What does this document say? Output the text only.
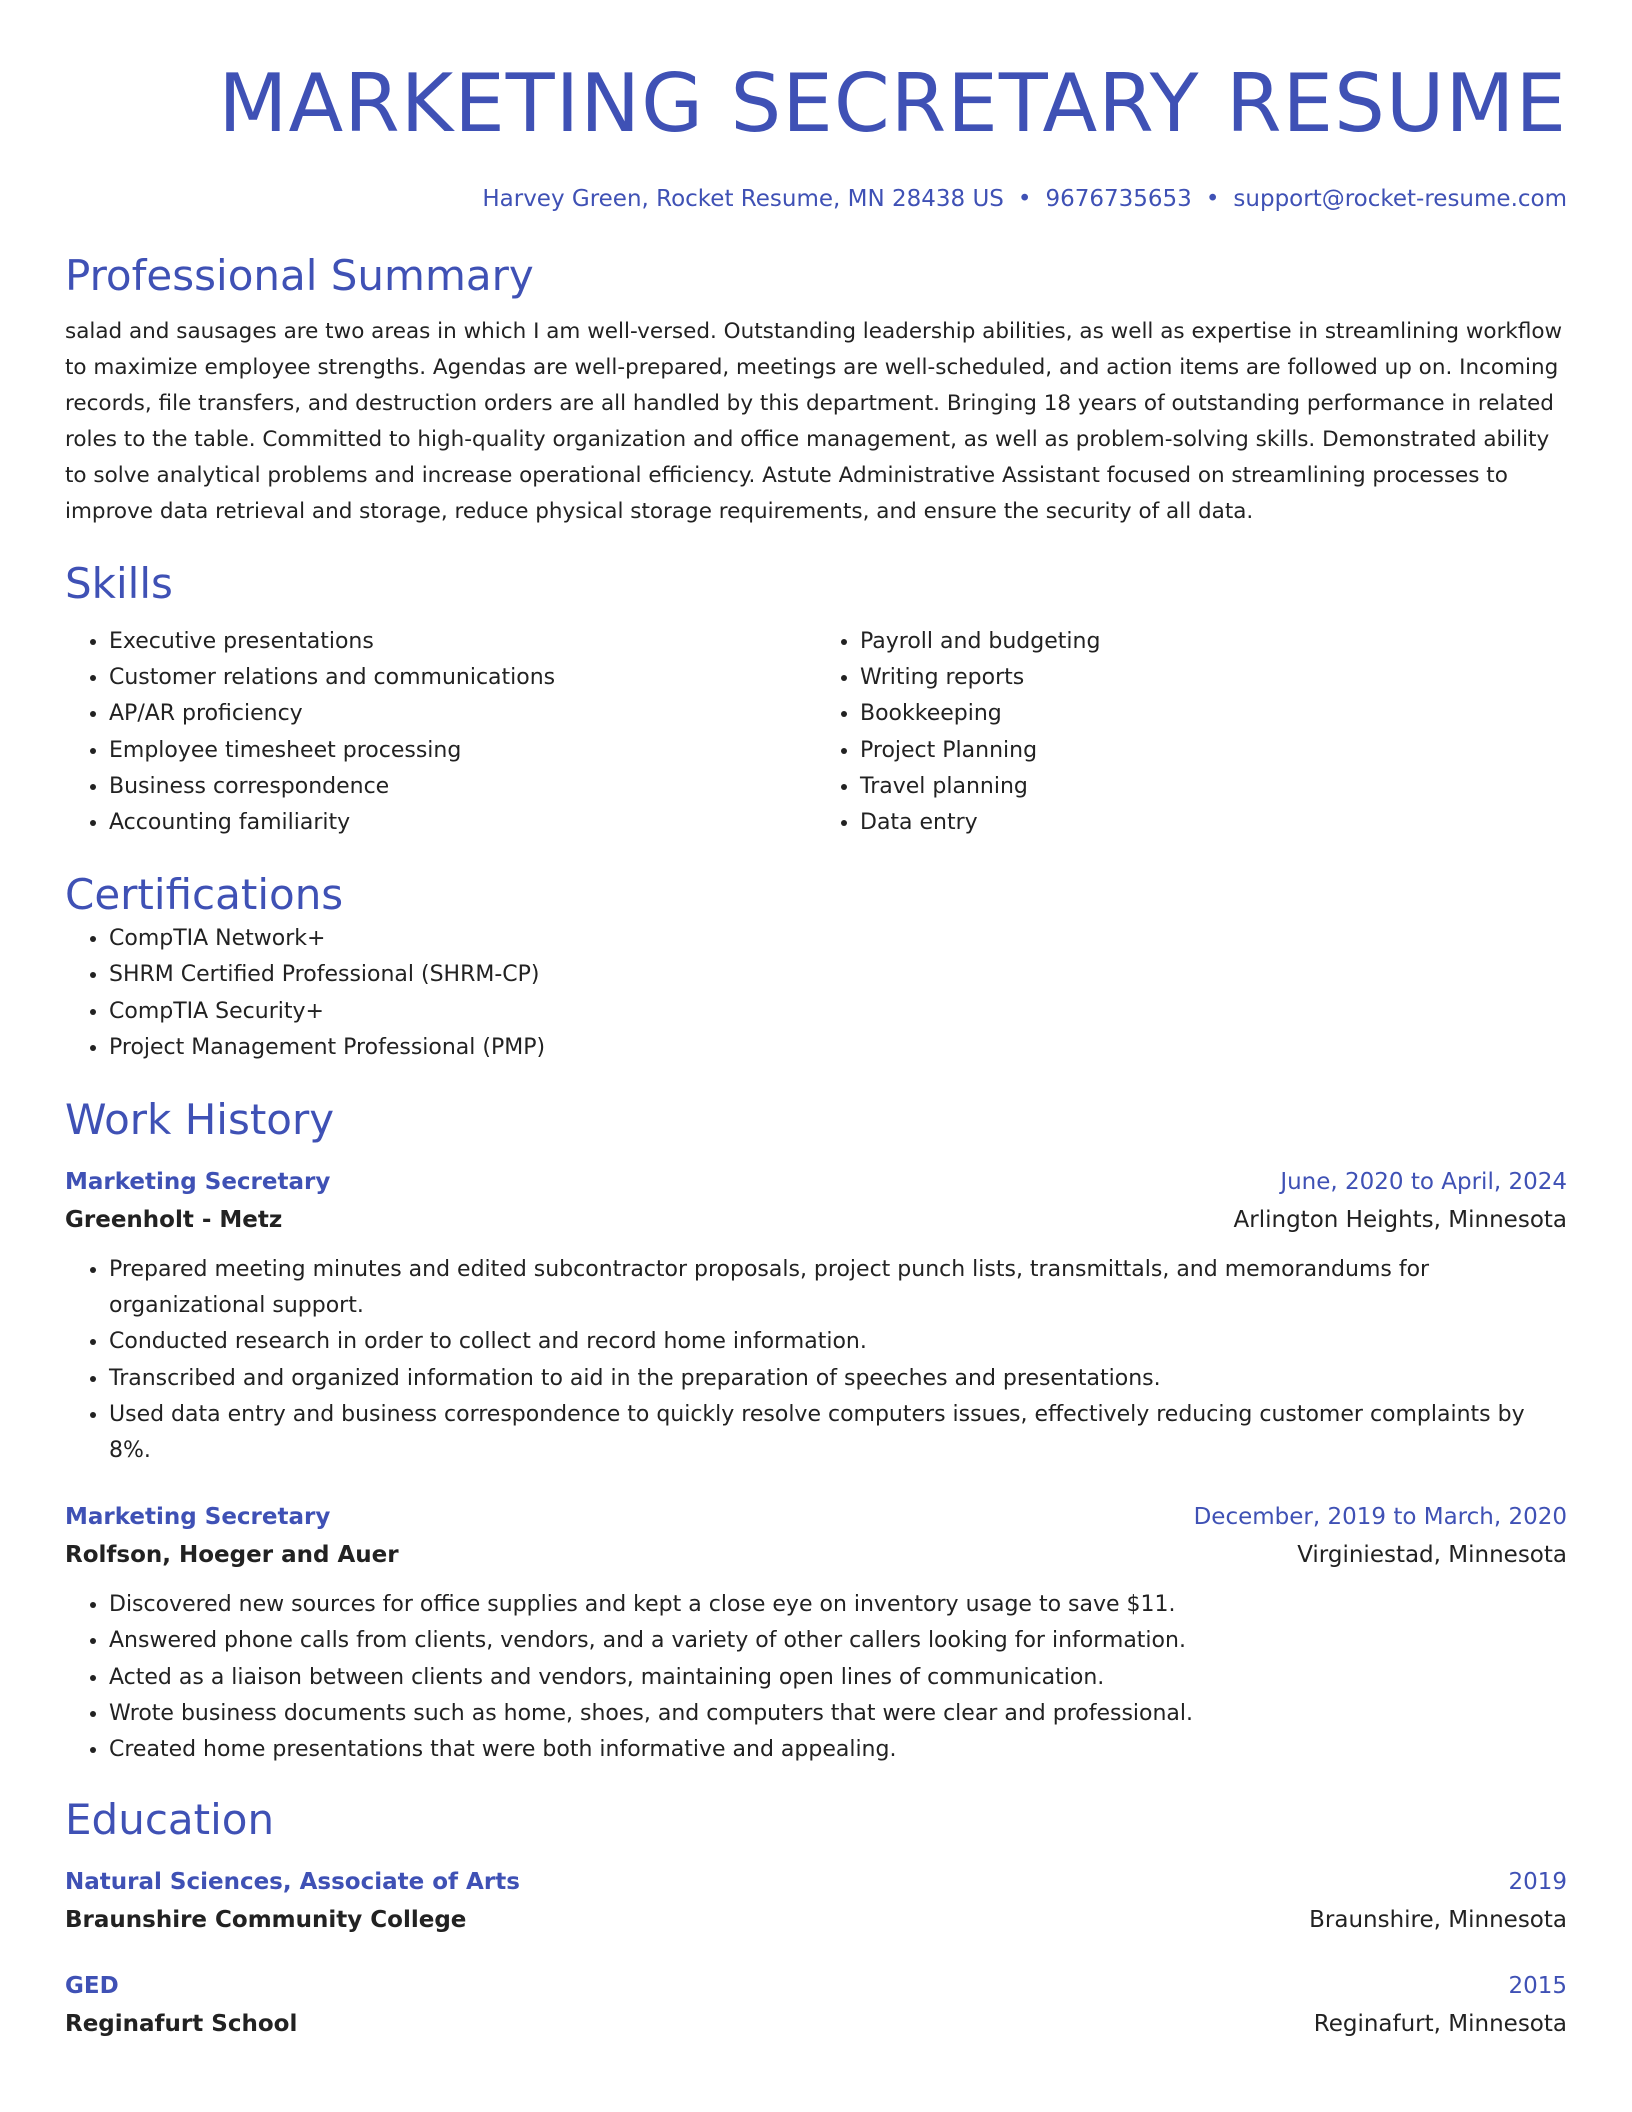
MARKETING SECRETARY RESUME
Harvey Green, Rocket Resume, MN 28438 US • 9676735653 • support@rocket-resume.com
Professional Summary

salad and sausages are two areas in which I am well-versed. Outstanding leadership abilities, as well as expertise in streamlining workflow to maximize employee strengths. Agendas are well-prepared, meetings are well-scheduled, and action items are followed up on. Incoming records, file transfers, and destruction orders are all handled by this department. Bringing 18 years of outstanding performance in related roles to the table. Committed to high-quality organization and office management, as well as problem-solving skills. Demonstrated ability to solve analytical problems and increase operational efficiency. Astute Administrative Assistant focused on streamlining processes to improve data retrieval and storage, reduce physical storage requirements, and ensure the security of all data.

Skills
• Executive presentations
• Customer relations and communications
• AP/AR proficiency
• Employee timesheet processing
• Business correspondence
• Accounting familiarity
• Payroll and budgeting
• Writing reports
• Bookkeeping
• Project Planning
• Travel planning
• Data entry
Certifications
• CompTIA Network+
• SHRM Certified Professional (SHRM-CP)
• CompTIA Security+
• Project Management Professional (PMP)
Work History
Marketing Secretary	June, 2020 to April, 2024
Greenholt - Metz	Arlington Heights, Minnesota
• Prepared meeting minutes and edited subcontractor proposals, project punch lists, transmittals, and memorandums for organizational support.
• Conducted research in order to collect and record home information.
• Transcribed and organized information to aid in the preparation of speeches and presentations.
• Used data entry and business correspondence to quickly resolve computers issues, effectively reducing customer complaints by 8%.
Marketing Secretary	December, 2019 to March, 2020
Rolfson, Hoeger and Auer	Virginiestad, Minnesota
• Discovered new sources for office supplies and kept a close eye on inventory usage to save $11.
• Answered phone calls from clients, vendors, and a variety of other callers looking for information.
• Acted as a liaison between clients and vendors, maintaining open lines of communication.
• Wrote business documents such as home, shoes, and computers that were clear and professional.
• Created home presentations that were both informative and appealing.
Education
Natural Sciences, Associate of Arts	2019
Braunshire Community College	Braunshire, Minnesota
GED	2015
Reginafurt School	Reginafurt, Minnesota
